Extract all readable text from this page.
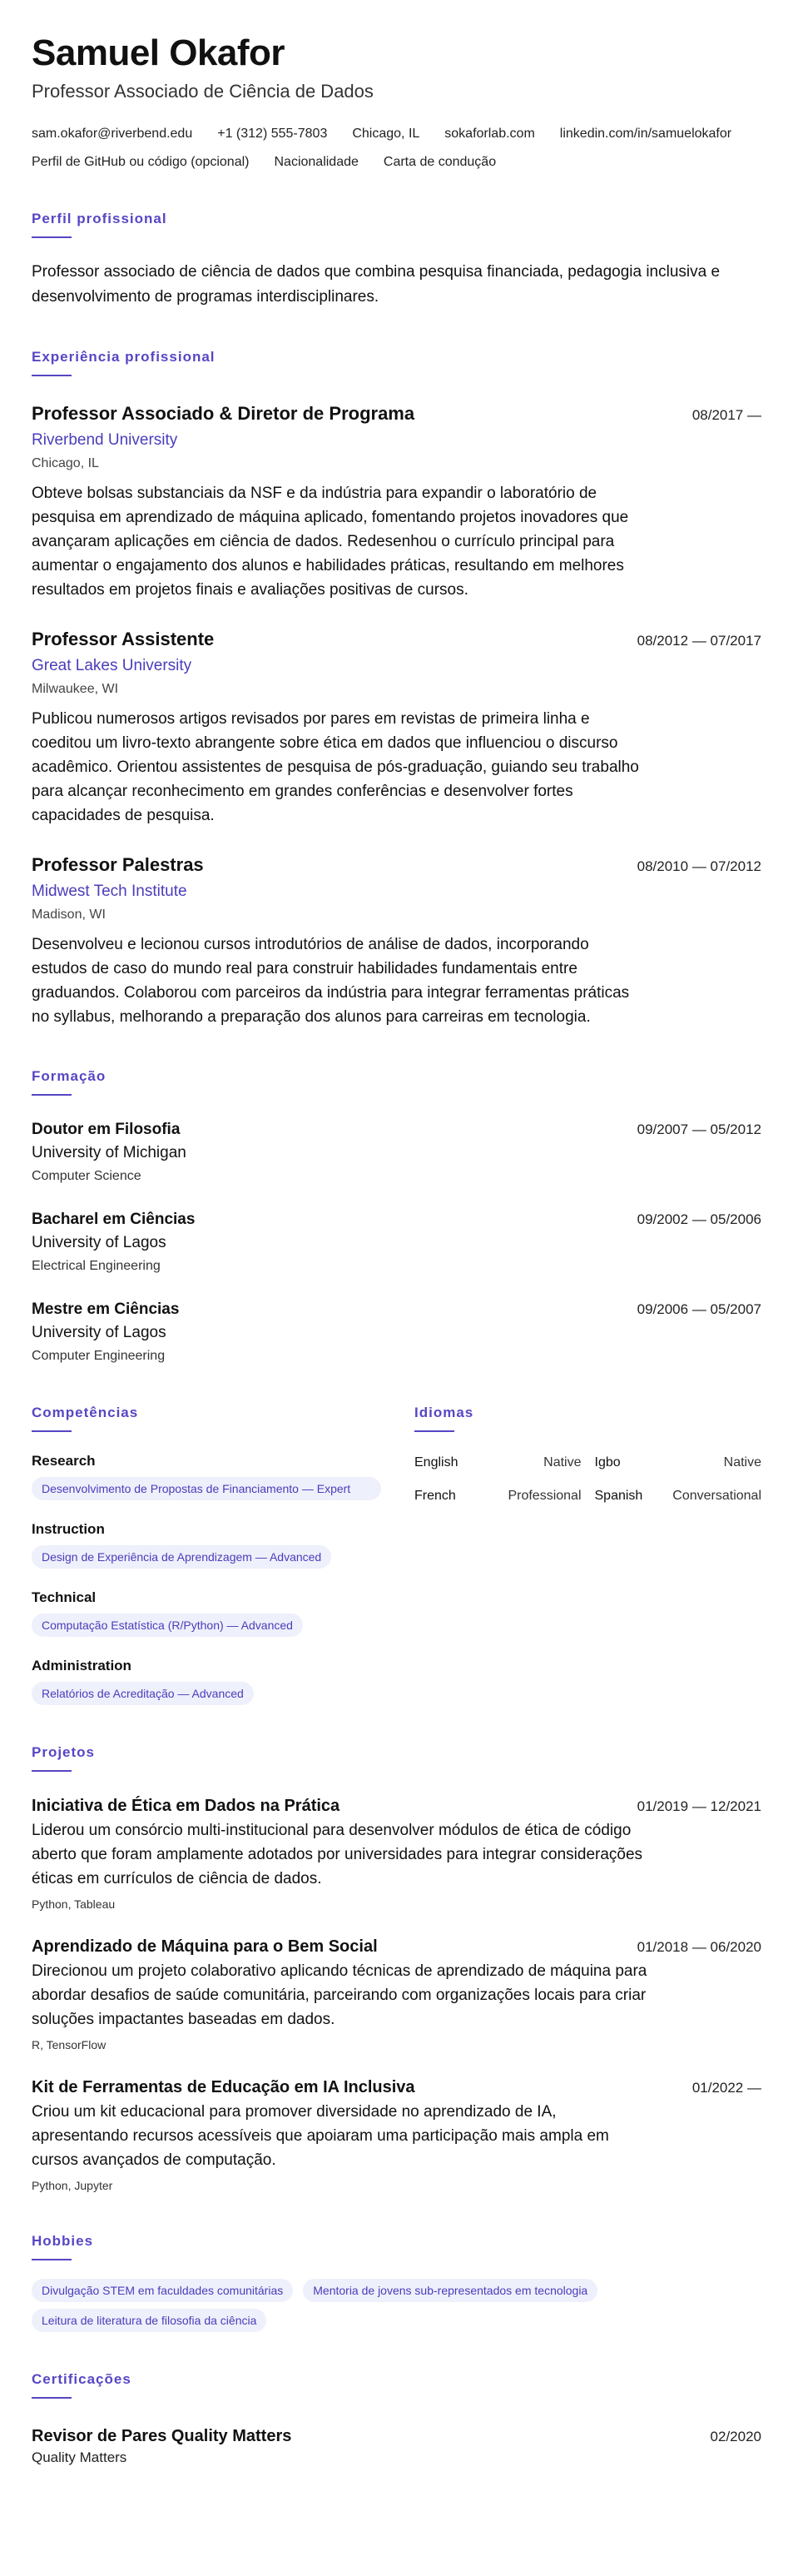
Samuel Okafor
Professor Associado de Ciência de Dados
sam.okafor@riverbend.edu +1 (312) 555-7803 Chicago, IL sokaforlab.com linkedin.com/in/samuelokafor
Perfil de GitHub ou código (opcional) Nacionalidade Carta de condução
Perfil profissional
Professor associado de ciência de dados que combina pesquisa financiada, pedagogia inclusiva e desenvolvimento de programas interdisciplinares.
Experiência profissional
Professor Associado & Diretor de Programa	08/2017 —
Riverbend University
Chicago, IL
Obteve bolsas substanciais da NSF e da indústria para expandir o laboratório de pesquisa em aprendizado de máquina aplicado, fomentando projetos inovadores que avançaram aplicações em ciência de dados. Redesenhou o currículo principal para aumentar o engajamento dos alunos e habilidades práticas, resultando em melhores resultados em projetos finais e avaliações positivas de cursos.
Professor Assistente	08/2012 — 07/2017
Great Lakes University
Milwaukee, WI
Publicou numerosos artigos revisados por pares em revistas de primeira linha e coeditou um livro-texto abrangente sobre ética em dados que influenciou o discurso acadêmico. Orientou assistentes de pesquisa de pós-graduação, guiando seu trabalho para alcançar reconhecimento em grandes conferências e desenvolver fortes capacidades de pesquisa.
Professor Palestras	08/2010 — 07/2012
Midwest Tech Institute
Madison, WI
Desenvolveu e lecionou cursos introdutórios de análise de dados, incorporando estudos de caso do mundo real para construir habilidades fundamentais entre graduandos. Colaborou com parceiros da indústria para integrar ferramentas práticas no syllabus, melhorando a preparação dos alunos para carreiras em tecnologia.
Formação
Doutor em Filosofia	09/2007 — 05/2012
University of Michigan
Computer Science
Bacharel em Ciências	09/2002 — 05/2006
University of Lagos
Electrical Engineering
Mestre em Ciências	09/2006 — 05/2007
University of Lagos
Computer Engineering
Competências
Research
Desenvolvimento de Propostas de Financiamento — Expert
Instruction
Design de Experiência de Aprendizagem — Advanced
Technical
Computação Estatística (R/Python) — Advanced
Administration
Relatórios de Acreditação — Advanced
Idiomas
English	Native Igbo	Native
French	Professional Spanish Conversational
Projetos
Iniciativa de Ética em Dados na Prática	01/2019 — 12/2021
Liderou um consórcio multi-institucional para desenvolver módulos de ética de código aberto que foram amplamente adotados por universidades para integrar considerações éticas em currículos de ciência de dados.
Python, Tableau
Aprendizado de Máquina para o Bem Social	01/2018 — 06/2020
Direcionou um projeto colaborativo aplicando técnicas de aprendizado de máquina para abordar desafios de saúde comunitária, parceirando com organizações locais para criar soluções impactantes baseadas em dados.
R, TensorFlow
Kit de Ferramentas de Educação em IA Inclusiva	01/2022 —
Criou um kit educacional para promover diversidade no aprendizado de IA, apresentando recursos acessíveis que apoiaram uma participação mais ampla em cursos avançados de computação.
Python, Jupyter
Hobbies
Divulgação STEM em faculdades comunitárias	Mentoria de jovens sub-representados em tecnologia
Leitura de literatura de filosofia da ciência
Certificações
Revisor de Pares Quality Matters	02/2020
Quality Matters
